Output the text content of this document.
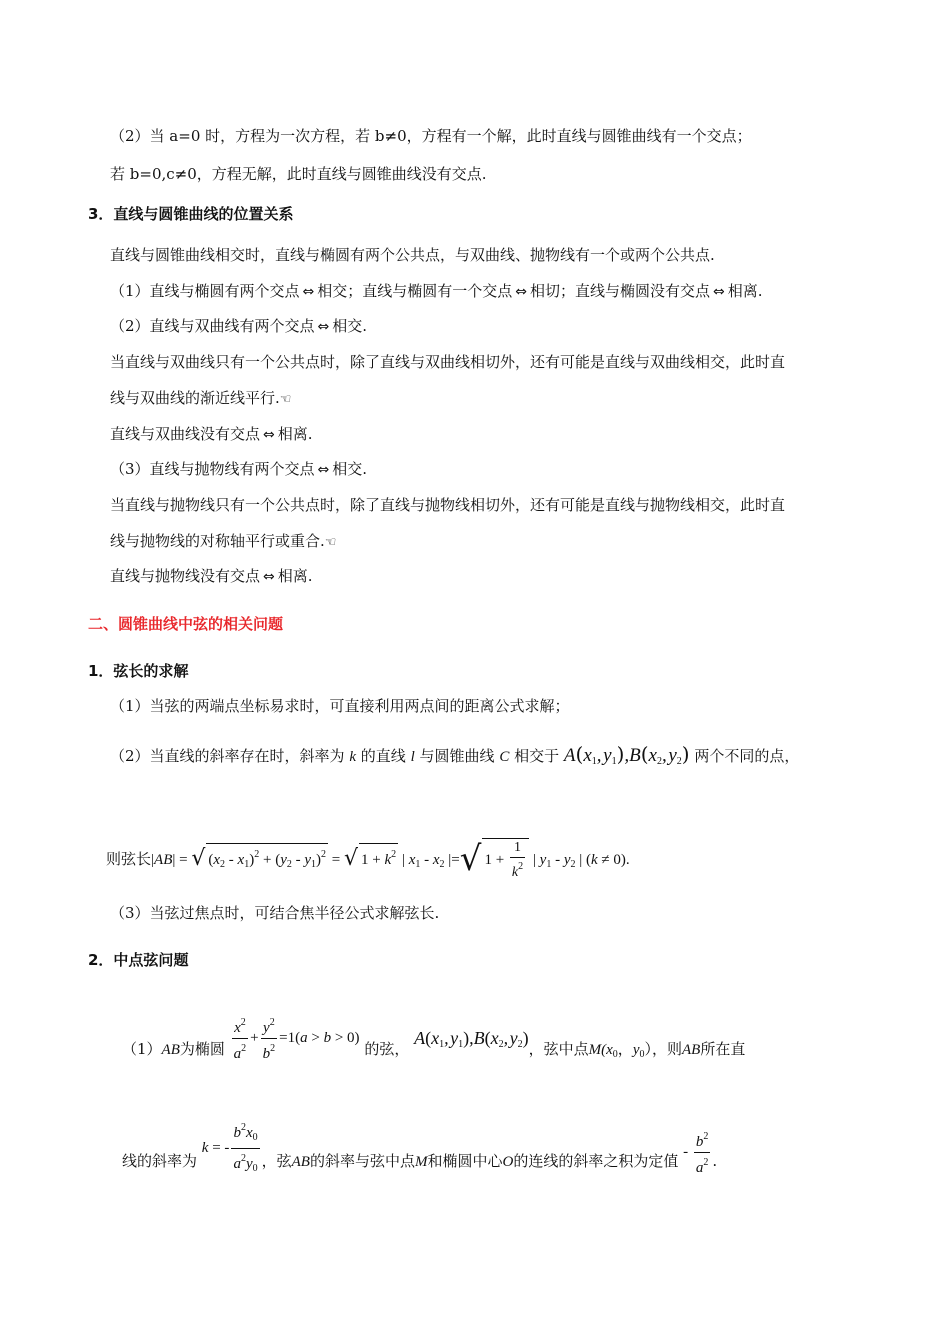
（2）当 a=0 时，方程为一次方程，若 b≠0，方程有一个解，此时直线与圆锥曲线有一个交点；
若 b=0,c≠0，方程无解，此时直线与圆锥曲线没有交点.
3．直线与圆锥曲线的位置关系
直线与圆锥曲线相交时，直线与椭圆有两个公共点，与双曲线、抛物线有一个或两个公共点.
（1）直线与椭圆有两个交点 ⇔ 相交；直线与椭圆有一个交点 ⇔ 相切；直线与椭圆没有交点 ⇔ 相离.
（2）直线与双曲线有两个交点 ⇔ 相交.
当直线与双曲线只有一个公共点时，除了直线与双曲线相切外，还有可能是直线与双曲线相交，此时直
线与双曲线的渐近线平行.☜
直线与双曲线没有交点 ⇔ 相离.
（3）直线与抛物线有两个交点 ⇔ 相交.
当直线与抛物线只有一个公共点时，除了直线与抛物线相切外，还有可能是直线与抛物线相交，此时直
线与抛物线的对称轴平行或重合.☜
直线与抛物线没有交点 ⇔ 相离.
二、圆锥曲线中弦的相关问题
1．弦长的求解
（1）当弦的两端点坐标易求时，可直接利用两点间的距离公式求解；
（2）当直线的斜率存在时，斜率为 k 的直线 l 与圆锥曲线 C 相交于 $A(x_1$, $y_1),B(x_2$, $y_2$) 两个不同的点，
则弦长|AB| = √ $(x_2 - x_1)^2 + (y_2 - y_1)^2$ = √ $1 + k^2$ | $x_1 - x_2$ |=√ $1 + \frac{1}{k^2}$ | $y_1 - y_2$ | (k ≠ 0).
（3）当弦过焦点时，可结合焦半径公式求解弦长.
2．中点弦问题
（1）AB为椭圆 $\frac{x^2}{a^2} + \frac{y^2}{b^2} =1(a > b > 0)$ 的弦， $A(x_1$, $y_1),B(x_2$, $y_2$)，弦中点$M(x_0$，$y_0$），则AB所在直
线的斜率为 k = - $\frac{b^2x_0}{a^2y_0}$ ，弦AB的斜率与弦中点M和椭圆中心O的连线的斜率之积为定值 - $\frac{b^2}{a^2}$ .
